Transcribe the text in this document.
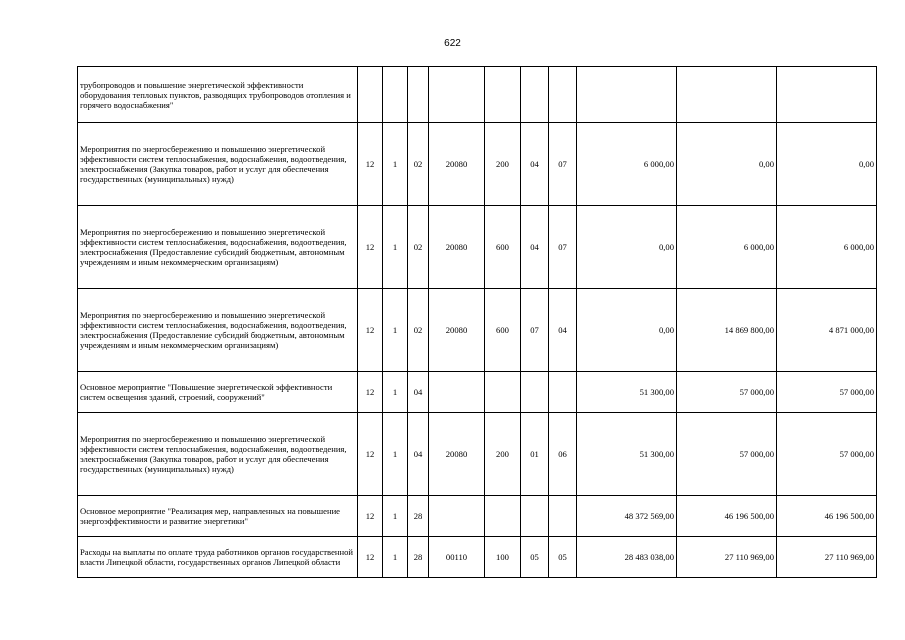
622
трубопроводов и повышение энергетической эффективности оборудования тепловых пунктов, разводящих трубопроводов отопления и горячего водоснабжения"										
Мероприятия по энергосбережению и повышению энергетической эффективности систем теплоснабжения, водоснабжения, водоотведения, электроснабжения (Закупка товаров, работ и услуг для обеспечения государственных (муниципальных) нужд)	12	1	02	20080	200	04	07	6 000,00	0,00	0,00
Мероприятия по энергосбережению и повышению энергетической эффективности систем теплоснабжения, водоснабжения, водоотведения, электроснабжения (Предоставление субсидий бюджетным, автономным учреждениям и иным некоммерческим организациям)	12	1	02	20080	600	04	07	0,00	6 000,00	6 000,00
Мероприятия по энергосбережению и повышению энергетической эффективности систем теплоснабжения, водоснабжения, водоотведения, электроснабжения (Предоставление субсидий бюджетным, автономным учреждениям и иным некоммерческим организациям)	12	1	02	20080	600	07	04	0,00	14 869 800,00	4 871 000,00
Основное мероприятие "Повышение энергетической эффективности систем освещения зданий, строений, сооружений"	12	1	04					51 300,00	57 000,00	57 000,00
Мероприятия по энергосбережению и повышению энергетической эффективности систем теплоснабжения, водоснабжения, водоотведения, электроснабжения (Закупка товаров, работ и услуг для обеспечения государственных (муниципальных) нужд)	12	1	04	20080	200	01	06	51 300,00	57 000,00	57 000,00
Основное мероприятие "Реализация мер, направленных на повышение энергоэффективности и развитие энергетики"	12	1	28					48 372 569,00	46 196 500,00	46 196 500,00
Расходы на выплаты по оплате труда работников органов государственной власти Липецкой области, государственных органов Липецкой области	12	1	28	00110	100	05	05	28 483 038,00	27 110 969,00	27 110 969,00
